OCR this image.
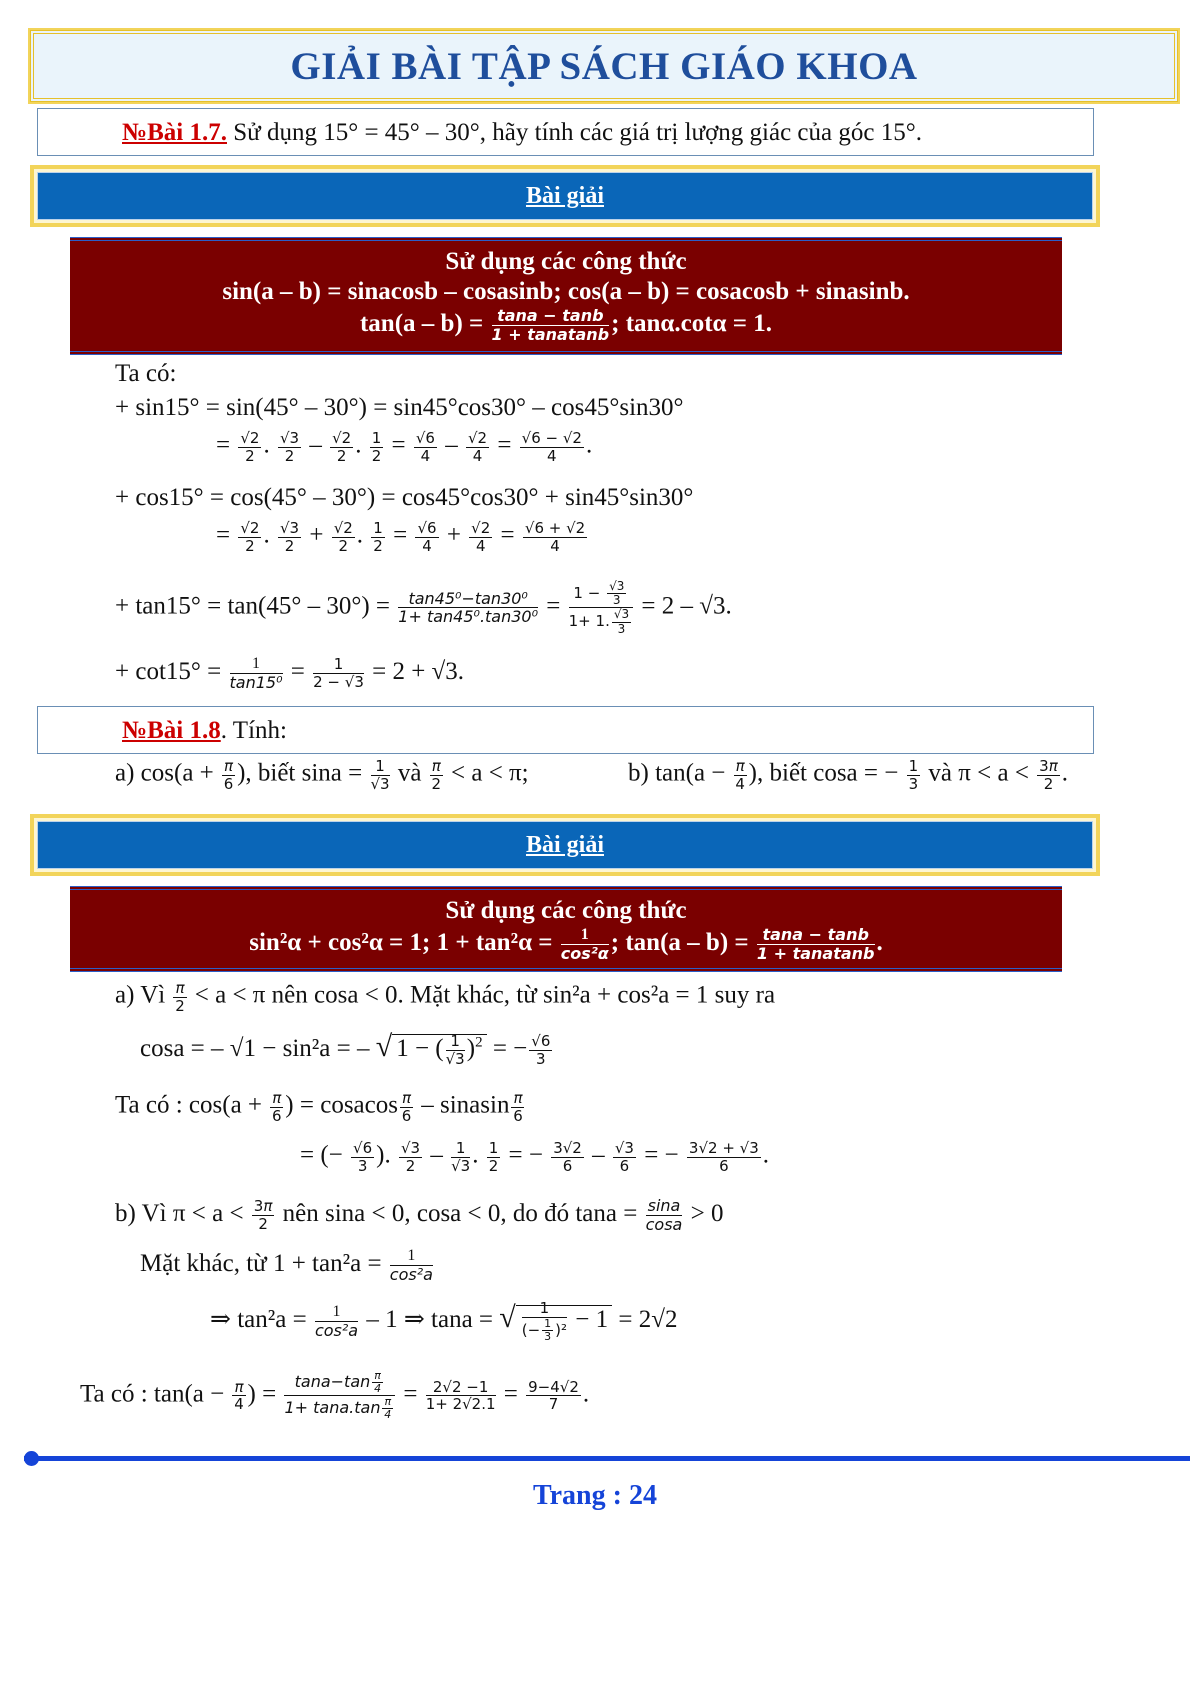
GIẢI BÀI TẬP SÁCH GIÁO KHOA
№Bài 1.7. Sử dụng 15° = 45° – 30°, hãy tính các giá trị lượng giác của góc 15°.
Bài giải
Sử dụng các công thức
sin(a – b) = sinacosb – cosasinb; cos(a – b) = cosacosb + sinasinb.
$\tan(a - b) = \frac{\tan a - \tan b}{\text{1 + tanatanb}}$ ; tanα.cotα = 1.
Ta có:
+ sin15° = sin(45° – 30°) = sin45°cos30° – cos45°sin30°
= $\frac{√2}{2}$ . $\frac{√3}{2} - \frac{√2}{2}$ . $\frac{1}{2} = \frac{√6}{4} - \frac{√2}{4} = \frac{√6 - √2}{4}$ .
+ cos15° = cos(45° – 30°) = cos45°cos30° + sin45°sin30°
= $\frac{√2}{2}$ . $\frac{√3}{2} + \frac{√2}{2}$ . $\frac{1}{2} = \frac{√6}{4} + \frac{√2}{4} = \frac{√6 + √2}{4}$
+ $\tan 15^\circ = \tan(45^\circ - 30^\circ) = \frac{\text{tan45⁰−tan30⁰}}{\text{1+ tan45⁰.tan30⁰}} = \frac{1 - \frac{√3}{3}}{1+ 1. \frac{√3}{3}} = 2 - √3$.
+ $\cot 15^\circ = \frac{1}{\text{tan15⁰}} = \frac{1}{2 - √3} = 2 + √3$.
№Bài 1.8. Tính:
a) $\cos(a + \frac{\pi}{6}$ ), biết $\sin a = \frac{1}{√3}$ và $\frac{\pi}{2} < a < \pi$;	b) $\tan(a - \frac{\pi}{4}$ ), biết cosa = − $\frac{1}{3}$ và $\pi < a < \frac{3\pi}{2}$ .
Bài giải
Sử dụng các công thức
sin²α + cos²α = 1; $1 + \tan^2\alpha = \frac{1}{\text{cos²α}}$ ; $\tan(a - b) = \frac{\tan a - \tan b}{\text{1 + tanatanb}}$ .
a) Vì $\frac{\pi}{2} < a < \pi$ nên cosa < 0. Mặt khác, từ sin²a + cos²a = 1 suy ra
cosa = – √1 − sin²a = – √ 1 − ( $\frac{1}{√3} )^2$ = − $\frac{√6}{3}$
Ta có : $\cos(a + \frac{\pi}{6}$ ) = cosacos $\frac{\pi}{6}$ – sinasin $\frac{\pi}{6}$
= (− $\frac{√6}{3}$ ). $\frac{√3}{2} - \frac{1}{√3}$ . $\frac{1}{2}$ = − $\frac{3√2}{6} - \frac{√3}{6}$ = − $\frac{3√2 + √3}{6}$ .
b) Vì $\pi < a < \frac{3\pi}{2}$ nên sina < 0, cosa < 0, do đó $\tan a = \frac{\sin a}{\cos a} > 0$
Mặt khác, từ $1 + \tan^2a = \frac{1}{\text{cos²a}}$
⇒ $\tan^2a = \frac{1}{\text{cos²a}} - 1$ ⇒ tana = √ $\frac{1}{(- \frac{1}{3} )^2} - 1 = 2√2$
Ta có : $\tan(a - \frac{\pi}{4}$ ) = $\frac{\tan a-\tan \frac{\pi}{4}}{1+ \tan a.\tan \frac{\pi}{4}} = \frac{2√2 -1}{1+ 2√2.1} = \frac{9-4√2}{7}$ .
Trang : 24
